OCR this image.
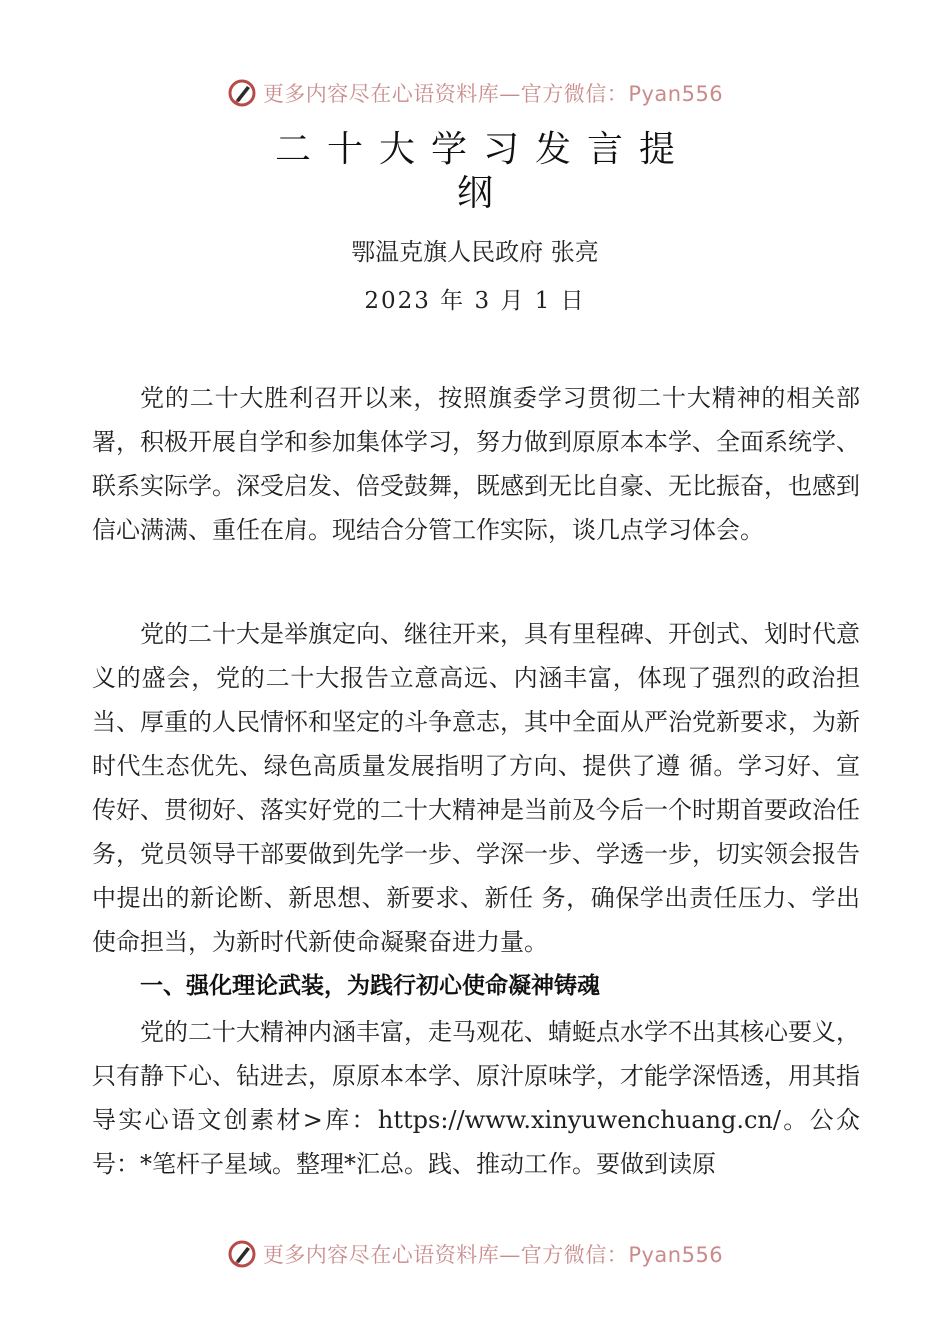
更多内容尽在心语资料库—官方微信：Pyan556
二十大学习发言提
纲
鄂温克旗人民政府 张亮
2023 年 3 月 1 日

党的二十大胜利召开以来，按照旗委学习贯彻二十大精神的相关部署，积极开展自学和参加集体学习，努力做到原原本本学、全面系统学、联系实际学。深受启发、倍受鼓舞，既感到无比自豪、无比振奋，也感到信心满满、重任在肩。现结合分管工作实际，谈几点学习体会。

党的二十大是举旗定向、继往开来，具有里程碑、开创式、划时代意义的盛会，党的二十大报告立意高远、内涵丰富，体现了强烈的政治担当、厚重的人民情怀和坚定的斗争意志，其中全面从严治党新要求，为新时代生态优先、绿色高质量发展指明了方向、提供了遵 循。学习好、宣传好、贯彻好、落实好党的二十大精神是当前及今后一个时期首要政治任务，党员领导干部要做到先学一步、学深一步、学透一步，切实领会报告中提出的新论断、新思想、新要求、新任 务，确保学出责任压力、学出使命担当，为新时代新使命凝聚奋进力量。

一、强化理论武装，为践行初心使命凝神铸魂

党的二十大精神内涵丰富，走马观花、蜻蜓点水学不出其核心要义，只有静下心、钻进去，原原本本学、原汁原味学，才能学深悟透，用其指导实心语文创素材>库：https://www.xinyuwenchuang.cn/。公众号：*笔杆子星域。整理*汇总。践、推动工作。要做到读原

更多内容尽在心语资料库—官方微信：Pyan556
